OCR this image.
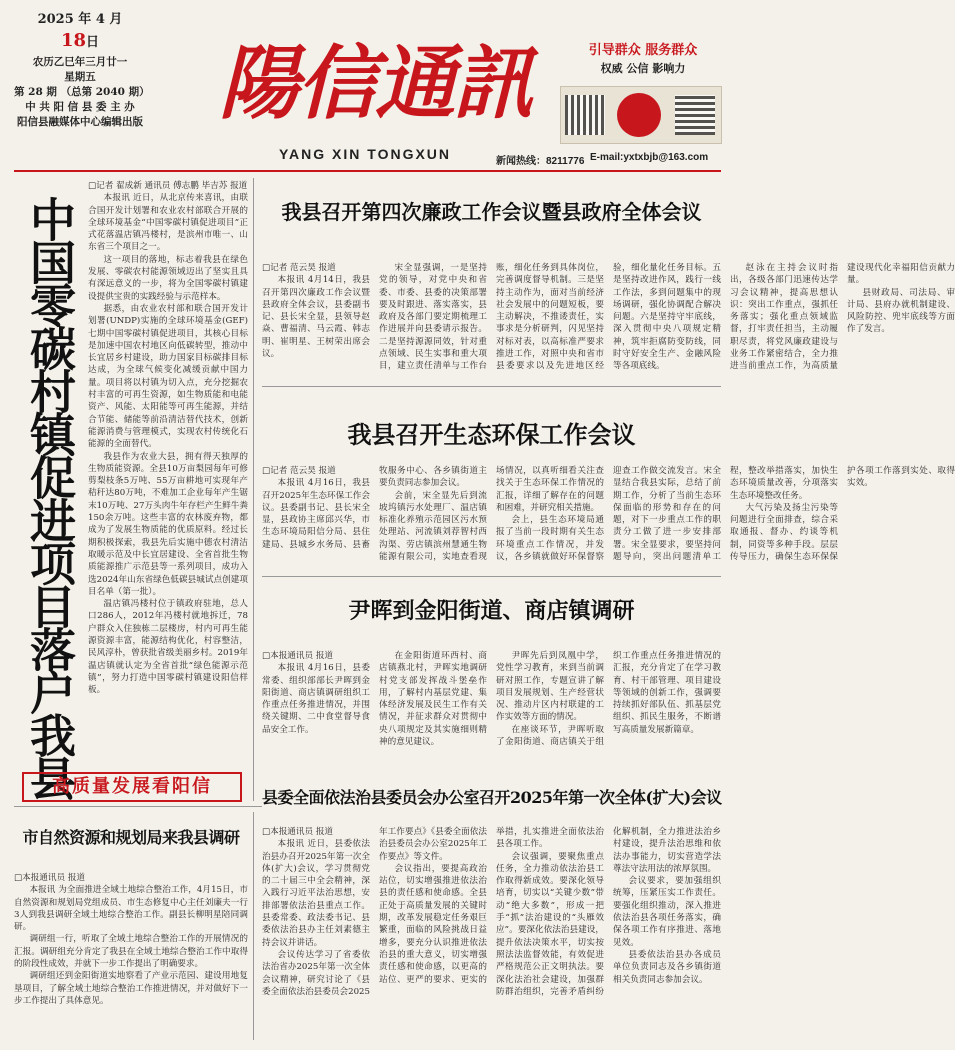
2025 年 4 月
18日
农历乙巳年三月廿一
星期五
第 28 期 （总第 2040 期）
中 共 阳 信 县 委 主 办
阳信县融媒体中心编辑出版 陽信通訊
YANG XIN TONGXUN
引导群众 服务群众
权威 公信 影响力
新闻热线：8211776 E-mail:yxtxbjb@163.com

□记者 翟成新 通讯员 傅志鹏 毕吉苏 报道

本报讯 近日，从北京传来喜讯，由联合国开发计划署和农业农村部联合开展的全球环境基金“中国零碳村镇促进项目”正式花落温店镇冯楼村，是滨州市唯一、山东省三个项目之一。

这一项目的落地，标志着我县在绿色发展、零碳农村能源领域迈出了坚实且具有深远意义的一步，将为全国零碳村镇建设提供宝贵的实践经验与示范样本。

据悉，由农业农村部和联合国开发计划署(UNDP)实施的全球环境基金(GEF)七期中国零碳村镇促进项目，其核心目标是加速中国农村地区向低碳转型，推动中长宜居乡村建设，助力国家目标碳排目标达成，为全球气候变化减缓贡献中国力量。项目将以村镇为切入点，充分挖掘农村丰富的可再生资源，如生物质能和电能资产、风能、太阳能等可再生能源，并结合节能、储能等前沿清洁替代技术，创新能源消费与管理模式，实现农村传统化石能源的全面替代。

我县作为农业大县，拥有得天独厚的生物质能资源。全县10万亩梨园每年可修剪梨枝条5万吨、55万亩耕地可实现年产秸秆达80万吨，不难加工企业每年产生锯末10万吨、27万头肉牛年存栏产生鲜牛粪150余万吨。这些丰富的农林废弃物，都成为了发展生物质能的优质原料。经过长期积极探索，我县先后实施中德农村清洁取暖示范及中长宜居建设、全省首批生物质能源推广示范县等一系列项目，成功入选2024年山东省绿色低碳县城试点创建项目名单（第一批）。

温店镇冯楼村位于镇政府驻地，总人口286人，2012年冯楼村就地拆迁，78户群众入住独栋二层楼房，村内可再生能源资源丰富，能源结构优化，村容整洁，民风淳朴，曾获批省级美丽乡村。2019年温店镇就认定为全省首批“绿色能源示范镇”，努力打造中国零碳村镇建设阳信样板。

中国零碳村镇促进项目落户我县
高质量发展看阳信
我县召开第四次廉政工作会议暨县政府全体会议

□记者 范云昊 报道

本报讯 4月14日，我县召开第四次廉政工作会议暨县政府全体会议，县委副书记、县长宋全显，县领导赵焱、曹福清、马云霞、韩志明、崔明星、王树荣出席会议。

宋全显强调，一是坚持党的领导，对党中央和省委、市委、县委的决策部署要及时跟进、落实落实，县政府及各部门要定期梳理工作进展并向县委请示报告。二是坚持源源同效，针对重点领域、民生实事和重大项目，建立责任清单与工作台账，细化任务到具体岗位，完善调度督导机制。三是坚持主动作为，面对当前经济社会发展中的问题短板，要主动解决，不推诿责任，实事求是分析研判，闪见坚持对标对表，以高标准严要求推进工作，对照中央和省市县委要求以及先进地区经验，细化量化任务目标。五是坚持改进作风，践行一线工作法，多到问题集中的现场调研，强化协调配合解决问题。六是坚持守牢底线，深入贯彻中央八项规定精神，筑牢拒腐防变防线，同时守好安全生产、金融风险等各项底线。

赵泳在主持会议时指出，各级各部门迅速传达学习会议精神，提高思想认识：突出工作重点，强抓任务落实；强化重点领域监督，打牢责任担当，主动履职尽责，将党风廉政建设与业务工作紧密结合，全力推进当前重点工作，为高质量建设现代化幸福阳信贡献力量。

县财政局、司法局、审计局、县府办就机制建设、风险防控、兜牢底线等方面作了发言。

我县召开生态环保工作会议

□记者 范云昊 报道

本报讯 4月16日，我县召开2025年生态环保工作会议。县委副书记、县长宋全显，县政协主席邱兴华，市生态环境局阳信分局、县住建局、县城乡水务局、县畜牧服务中心、各乡镇街道主要负责同志参加会议。

会前，宋全显先后到流坡坞镇污水处理厂、温店镇标准化养殖示范园区污水预处理站、河流镇刘荐智村西沟渠、劳店镇滨州慧通生物能源有限公司，实地查看现场情况，以真听细看关注查找关于生态环保工作情况的汇报，详细了解存在的问题和困难，并研究相关措施。

会上，县生态环境局通报了当前一段时期有关生态环境重点工作情况，并发议，各乡镇就做好环保督察迎查工作做交流发言。宋全显结合我县实际，总结了前期工作，分析了当前生态环保面临的形势和存在的问题，对下一步重点工作的职责分工做了进一步安排部署。宋全显要求，要坚持问题导向，突出问题清单工程，整改举措落实，加快生态环境质量改善，分项落实生态环境整改任务。

大气污染及扬尘污染等问题进行全面排查，综合采取通报、督办、约谈等机制，同资等多种手段。层层传导压力，确保生态环保保护各项工作落到实处、取得实效。

尹晖到金阳街道、商店镇调研

□本报通讯员 报道

本报讯 4月16日，县委常委、组织部部长尹晖到金阳街道、商店镇调研组织工作重点任务推进情况，并围绕关键期、二中食堂督导食品安全工作。

在金阳街道环西村、商店镇燕北村，尹晖实地调研村党支部发挥战斗堡垒作用，了解村内基层党建、集体经济发展及民生工作有关情况，并征求群众对贯彻中央八项规定及其实施细则精神的意见建议。

尹晖先后到凤凰中学，党性学习教育，来到当前调研对照工作，专题宣讲了解项目发展规划、生产经营状况、推动片区内村联建的工作实效等方面的情况。

在座谈环节，尹晖听取了金阳街道、商店镇关于组织工作重点任务推进情况的汇报，充分肯定了在学习教育、村干部管理、项目建设等领域的创新工作，强调要持续抓好部队伍、抓基层党组织、抓民生服务，不断谱写高质量发展新篇章。

县委全面依法治县委员会办公室召开2025年第一次全体(扩大)会议

□本报通讯员 报道

本报讯 近日，县委依法治县办召开2025年第一次全体(扩大)会议，学习贯彻党的二十届三中全会精神，深入践行习近平法治思想，安排部署依法治县重点工作。县委常委、政法委书记、县委依法治县办主任刘素德主持会议并讲话。

会议传达学习了省委依法治省办2025年第一次全体会议精神，研究讨论了《县委全面依法治县委员会2025年工作要点》《县委全面依法治县委员会办公室2025年工作要点》等文件。

会议指出，要提高政治站位，切实增强推进依法治县的责任感和使命感。全县正处于高质量发展的关键时期，改革发展稳定任务艰巨繁重，面临的风险挑战日益增多，要充分认识推进依法治县的重大意义，切实增强责任感和使命感，以更高的站位、更严的要求、更实的举措，扎实推进全面依法治县各项工作。

会议强调，要聚焦重点任务，全力推动依法治县工作取得新成效。要深化领导培育，切实以“关键少数”带动“绝大多数”，形成一把手“抓”法治建设的“头雁效应”。要深化依法治县建设，提升依法决策水平，切实按照法法监督效能，有效促进严格规范公正文明执法。要深化法治社会建设，加强群防群治组织，完善矛盾纠纷化解机制，全力推进法治乡村建设，提升法治思维和依法办事能力，切实营造学法尊法守法用法的浓厚氛围。

会议要求，要加强组织统筹，压紧压实工作责任。要强化组织推动，深入推进依法治县各项任务落实，确保各项工作有序推进、落地见效。

县委依法治县办各成员单位负责同志及各乡镇街道相关负责同志参加会议。

市自然资源和规划局来我县调研

□本报通讯员 报道

本报讯 为全面推进全域土地综合整治工作，4月15日，市自然资源和规划局党组成员、市生态修复中心主任刘廉夫一行3人到我县调研全域土地综合整治工作。副县长柳明星陪同调研。

调研组一行，听取了全域土地综合整治工作的开展情况的汇报。调研组充分肯定了我县在全域土地综合整治工作中取得的阶段性成效，并就下一步工作提出了明确要求。

调研组还到金阳街道实地察看了产业示范园、建设用地复垦项目，了解全域土地综合整治工作推进情况，并对做好下一步工作提出了具体意见。
